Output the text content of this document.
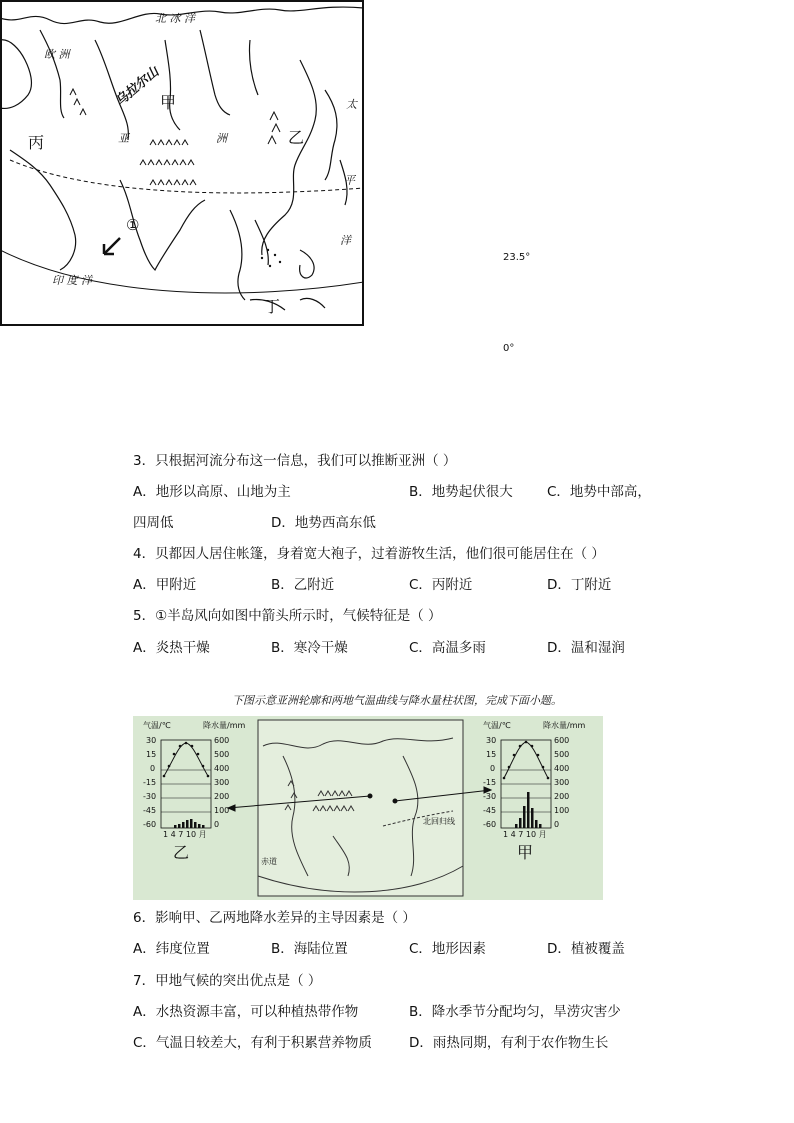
北 冰 洋
欧 洲
乌拉尔山
甲
丙	乙
丁
亚	洲
太
平
洋
印 度 洋
①
23.5°
0°
3．只根据河流分布这一信息，我们可以推断亚洲（ ）
A．地形以高原、山地为主	B．地势起伏很大	C．地势中部高，
四周低	D．地势西高东低
4．贝都因人居住帐篷，身着宽大袍子，过着游牧生活，他们很可能居住在（ ）
A．甲附近	B．乙附近	C．丙附近	D．丁附近
5．①半岛风向如图中箭头所示时，气候特征是（ ）
A．炎热干燥	B．寒冷干燥	C．高温多雨	D．温和湿润
下图示意亚洲轮廓和两地气温曲线与降水量柱状图，完成下面小题。
气温/℃	降水量/mm
30
15
0
-15
-30
-45
-60
600
500
400
300
200
100
0
1 4 7 10 月
乙
气温/℃	降水量/mm
30
15
0
-15
-30
-45
-60
600
500
400
300
200
100
0
1 4 7 10 月
甲
赤道
北回归线
6．影响甲、乙两地降水差异的主导因素是（ ）
A．纬度位置	B．海陆位置	C．地形因素	D．植被覆盖
7．甲地气候的突出优点是（ ）
A．水热资源丰富，可以种植热带作物	B．降水季节分配均匀，旱涝灾害少
C．气温日较差大，有利于积累营养物质	D．雨热同期，有利于农作物生长
